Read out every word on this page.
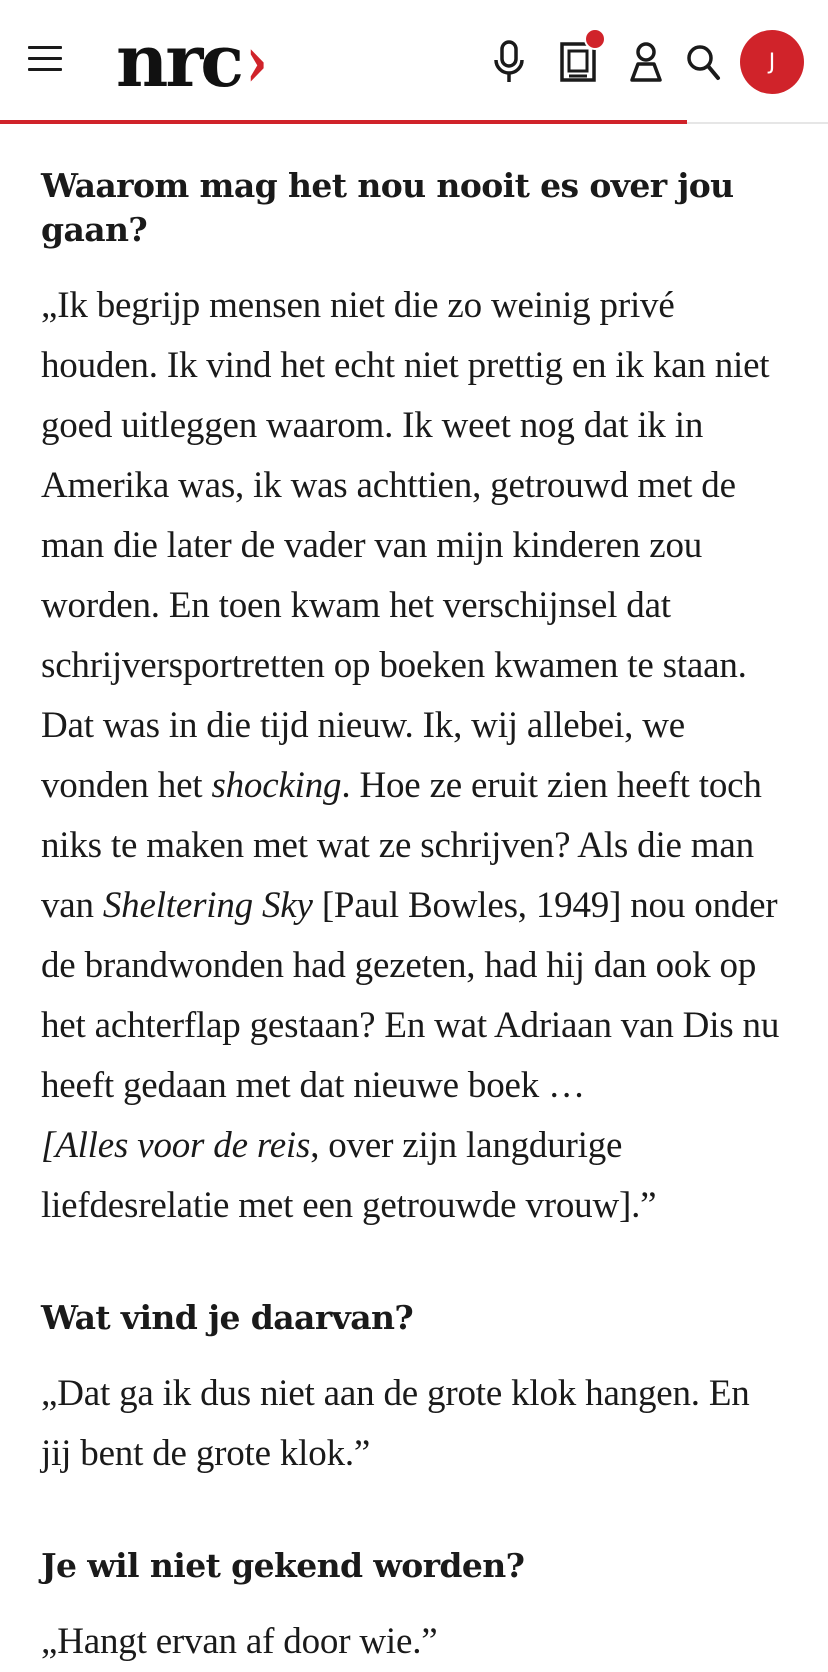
nrc ›	J
Waarom mag het nou nooit es over jou gaan?

„Ik begrijp mensen niet die zo weinig privé houden. Ik vind het echt niet prettig en ik kan niet goed uitleggen waarom. Ik weet nog dat ik in Amerika was, ik was achttien, getrouwd met de man die later de vader van mijn kinderen zou worden. En toen kwam het verschijnsel dat schrijversportretten op boeken kwamen te staan. Dat was in die tijd nieuw. Ik, wij allebei, we vonden het shocking. Hoe ze eruit zien heeft toch niks te maken met wat ze schrijven? Als die man van Sheltering Sky [Paul Bowles, 1949] nou onder de brandwonden had gezeten, had hij dan ook op het achterflap gestaan? En wat Adriaan van Dis nu heeft gedaan met dat nieuwe boek …
[Alles voor de reis, over zijn langdurige liefdesrelatie met een getrouwde vrouw].”

Wat vind je daarvan?

„Dat ga ik dus niet aan de grote klok hangen. En jij bent de grote klok.”

Je wil niet gekend worden?

„Hangt ervan af door wie.”
